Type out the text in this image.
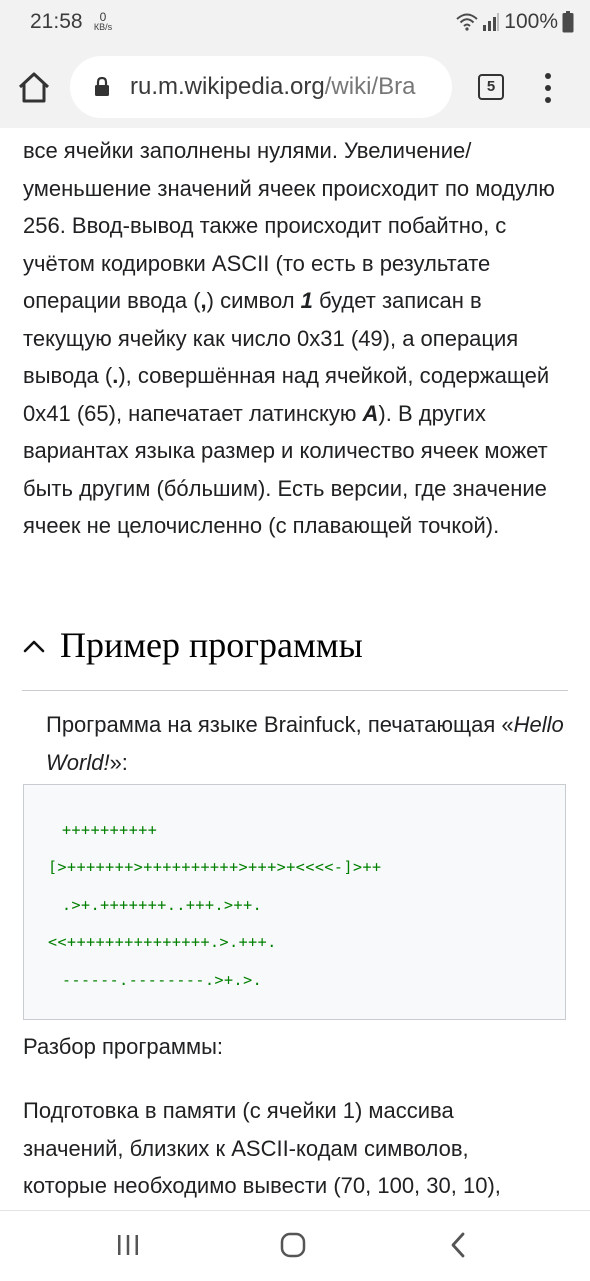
21:58	0
КВ/s	100%
ru.m.wikipedia.org/wiki/Bra	5

все ячейки заполнены нулями. Увеличение/уменьшение значений ячеек происходит по модулю 256. Ввод-вывод также происходит побайтно, с учётом кодировки ASCII (то есть в результате операции ввода (,) символ 1 будет записан в текущую ячейку как число 0x31 (49), а операция вывода (.), совершённая над ячейкой, содержащей 0x41 (65), напечатает латинскую A). В других вариантах языка размер и количество ячеек может быть другим (бóльшим). Есть версии, где значение ячеек не целочисленно (с плавающей точкой).

Пример программы

Программа на языке Brainfuck, печатающая «Hello World!»:

++++++++++
[>+++++++>++++++++++>+++>+<<<<-]>++
.>+.+++++++..+++.>++.
<<+++++++++++++++.>.+++.
------.--------.>+.>.

Разбор программы:

Подготовка в памяти (с ячейки 1) массива значений, близких к ASCII-кодам символов, которые необходимо вывести (70, 100, 30, 10),
